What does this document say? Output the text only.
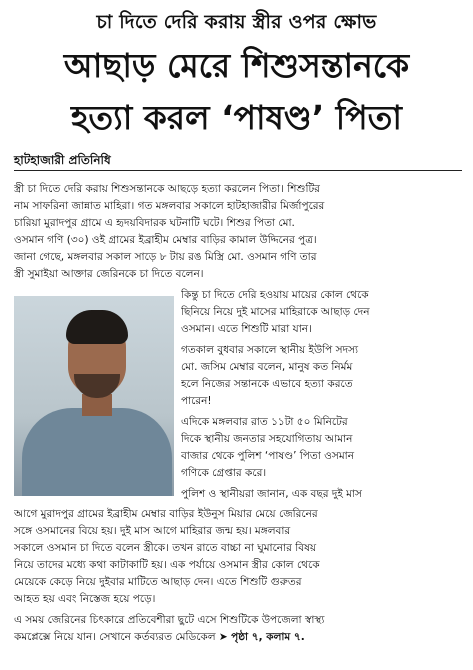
চা দিতে দেরি করায় স্ত্রীর ওপর ক্ষোভ
আছাড় মেরে শিশুসন্তানকে
হত্যা করল ‘পাষণ্ড’ পিতা
হাটহাজারী প্রতিনিধি
স্ত্রী চা দিতে দেরি করায় শিশুসন্তানকে আছড়ে হত্যা করলেন পিতা। শিশুটির
নাম সাফরিনা জান্নাত মাহিরা। গত মঙ্গলবার সকালে হাটহাজারীর মির্জাপুরের
চারিয়া মুরাদপুর গ্রামে এ হৃদয়বিদারক ঘটনাটি ঘটে। শিশুর পিতা মো.
ওসমান গণি (৩০) ওই গ্রামের ইব্রাহীম মেম্বার বাড়ির কামাল উদ্দিনের পুত্র।
জানা গেছে, মঙ্গলবার সকাল সাড়ে ৮ টায় রঙ মিস্ত্রি মো. ওসমান গণি তার
স্ত্রী সুমাইয়া আক্তার জেরিনকে চা দিতে বলেন।
কিন্তু চা দিতে দেরি হওয়ায় মায়ের কোল থেকে
ছিনিয়ে নিয়ে দুই মাসের মাহিরাকে আছাড় দেন
ওসমান। এতে শিশুটি মারা যান।
গতকাল বুধবার সকালে স্থানীয় ইউপি সদস্য
মো. জসিম মেম্বার বলেন, মানুষ কত নির্মম
হলে নিজের সন্তানকে এভাবে হত্যা করতে
পারেন!
এদিকে মঙ্গলবার রাত ১১টা ৫০ মিনিটের
দিকে স্থানীয় জনতার সহযোগিতায় আমান
বাজার থেকে পুলিশ ‘পাষণ্ড’ পিতা ওসমান
গণিকে গ্রেপ্তার করে।
পুলিশ ও স্থানীয়রা জানান, এক বছর দুই মাস
আগে মুরাদপুর গ্রামের ইব্রাহীম মেম্বার বাড়ির ইউনুস মিয়ার মেয়ে জেরিনের
সঙ্গে ওসমানের বিয়ে হয়। দুই মাস আগে মাহিরার জন্ম হয়। মঙ্গলবার
সকালে ওসমান চা দিতে বলেন স্ত্রীকে। তখন রাতে বাচ্চা না ঘুমানোর বিষয়
নিয়ে তাদের মধ্যে কথা কাটাকাটি হয়। এক পর্যায়ে ওসমান স্ত্রীর কোল থেকে
মেয়েকে কেড়ে নিয়ে দুইবার মাটিতে আছাড় দেন। এতে শিশুটি গুরুতর
আহত হয় এবং নিস্তেজ হয়ে পড়ে।
এ সময় জেরিনের চিৎকারে প্রতিবেশীরা ছুটে এসে শিশুটিকে উপজেলা স্বাস্থ্য
কমপ্লেক্সে নিয়ে যান। সেখানে কর্তব্যরত মেডিকেল ➤ পৃষ্ঠা ৭, কলাম ৭.
